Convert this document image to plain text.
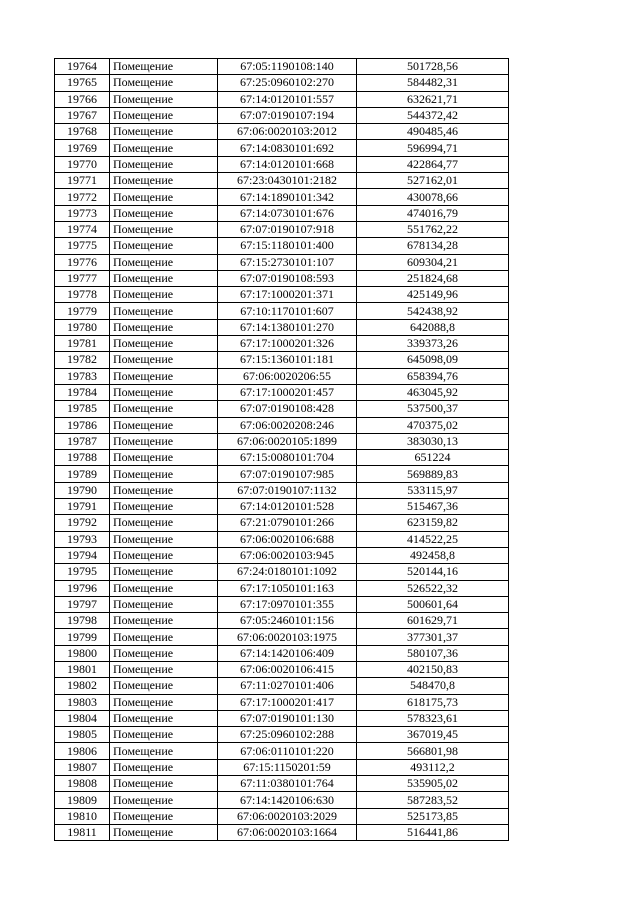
19764	Помещение	67:05:1190108:140	501728,56
19765	Помещение	67:25:0960102:270	584482,31
19766	Помещение	67:14:0120101:557	632621,71
19767	Помещение	67:07:0190107:194	544372,42
19768	Помещение	67:06:0020103:2012	490485,46
19769	Помещение	67:14:0830101:692	596994,71
19770	Помещение	67:14:0120101:668	422864,77
19771	Помещение	67:23:0430101:2182	527162,01
19772	Помещение	67:14:1890101:342	430078,66
19773	Помещение	67:14:0730101:676	474016,79
19774	Помещение	67:07:0190107:918	551762,22
19775	Помещение	67:15:1180101:400	678134,28
19776	Помещение	67:15:2730101:107	609304,21
19777	Помещение	67:07:0190108:593	251824,68
19778	Помещение	67:17:1000201:371	425149,96
19779	Помещение	67:10:1170101:607	542438,92
19780	Помещение	67:14:1380101:270	642088,8
19781	Помещение	67:17:1000201:326	339373,26
19782	Помещение	67:15:1360101:181	645098,09
19783	Помещение	67:06:0020206:55	658394,76
19784	Помещение	67:17:1000201:457	463045,92
19785	Помещение	67:07:0190108:428	537500,37
19786	Помещение	67:06:0020208:246	470375,02
19787	Помещение	67:06:0020105:1899	383030,13
19788	Помещение	67:15:0080101:704	651224
19789	Помещение	67:07:0190107:985	569889,83
19790	Помещение	67:07:0190107:1132	533115,97
19791	Помещение	67:14:0120101:528	515467,36
19792	Помещение	67:21:0790101:266	623159,82
19793	Помещение	67:06:0020106:688	414522,25
19794	Помещение	67:06:0020103:945	492458,8
19795	Помещение	67:24:0180101:1092	520144,16
19796	Помещение	67:17:1050101:163	526522,32
19797	Помещение	67:17:0970101:355	500601,64
19798	Помещение	67:05:2460101:156	601629,71
19799	Помещение	67:06:0020103:1975	377301,37
19800	Помещение	67:14:1420106:409	580107,36
19801	Помещение	67:06:0020106:415	402150,83
19802	Помещение	67:11:0270101:406	548470,8
19803	Помещение	67:17:1000201:417	618175,73
19804	Помещение	67:07:0190101:130	578323,61
19805	Помещение	67:25:0960102:288	367019,45
19806	Помещение	67:06:0110101:220	566801,98
19807	Помещение	67:15:1150201:59	493112,2
19808	Помещение	67:11:0380101:764	535905,02
19809	Помещение	67:14:1420106:630	587283,52
19810	Помещение	67:06:0020103:2029	525173,85
19811	Помещение	67:06:0020103:1664	516441,86
